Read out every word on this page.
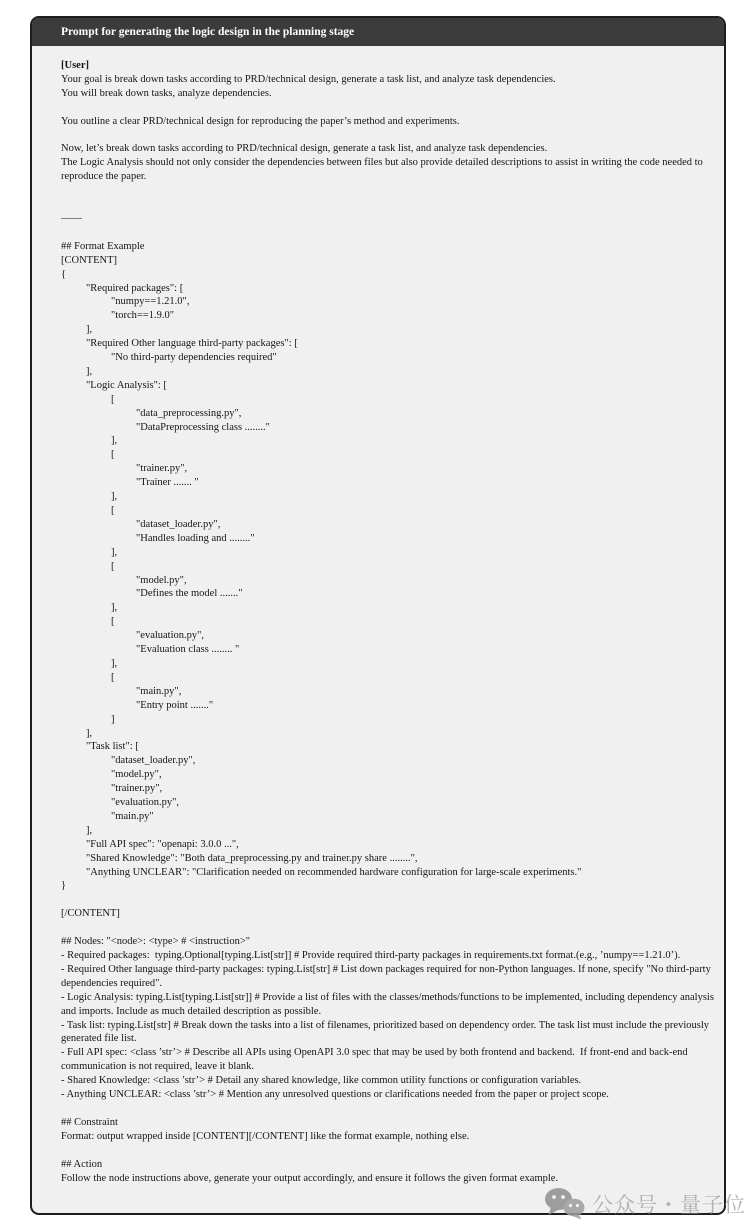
Prompt for generating the logic design in the planning stage
[User]
Your goal is break down tasks according to PRD/technical design, generate a task list, and analyze task dependencies.
You will break down tasks, analyze dependencies.

You outline a clear PRD/technical design for reproducing the paper’s method and experiments.

Now, let’s break down tasks according to PRD/technical design, generate a task list, and analyze task dependencies.
The Logic Analysis should not only consider the dependencies between files but also provide detailed descriptions to assist in writing the code needed to reproduce the paper.

——

## Format Example
[CONTENT]
{
	"Required packages": [
		"numpy==1.21.0",
		"torch==1.9.0"
	],
	"Required Other language third-party packages": [
		"No third-party dependencies required"
	],
	"Logic Analysis": [
		[
			"data_preprocessing.py",
			"DataPreprocessing class ........"
		],
		[
			"trainer.py",
			"Trainer ....... "
		],
		[
			"dataset_loader.py",
			"Handles loading and ........"
		],
		[
			"model.py",
			"Defines the model ......."
		],
		[
			"evaluation.py",
			"Evaluation class ........ "
		],
		[
			"main.py",
			"Entry point ......."
		]
	],
	"Task list": [
		"dataset_loader.py",
		"model.py",
		"trainer.py",
		"evaluation.py",
		"main.py"
	],
	"Full API spec": "openapi: 3.0.0 ...",
	"Shared Knowledge": "Both data_preprocessing.py and trainer.py share ........",
	"Anything UNCLEAR": "Clarification needed on recommended hardware configuration for large-scale experiments."
}

[/CONTENT]

## Nodes: "<node>: <type> # <instruction>"
- Required packages:  typing.Optional[typing.List[str]] # Provide required third-party packages in requirements.txt format.(e.g., ’numpy==1.21.0’).
- Required Other language third-party packages: typing.List[str] # List down packages required for non-Python languages. If none, specify "No third-party dependencies required".
- Logic Analysis: typing.List[typing.List[str]] # Provide a list of files with the classes/methods/functions to be implemented, including dependency analysis and imports. Include as much detailed description as possible.
- Task list: typing.List[str] # Break down the tasks into a list of filenames, prioritized based on dependency order. The task list must include the previously generated file list.
- Full API spec: <class ’str’> # Describe all APIs using OpenAPI 3.0 spec that may be used by both frontend and backend.  If front-end and back-end communication is not required, leave it blank.
- Shared Knowledge: <class ’str’> # Detail any shared knowledge, like common utility functions or configuration variables.
- Anything UNCLEAR: <class ’str’> # Mention any unresolved questions or clarifications needed from the paper or project scope.

## Constraint
Format: output wrapped inside [CONTENT][/CONTENT] like the format example, nothing else.

## Action
Follow the node instructions above, generate your output accordingly, and ensure it follows the given format example.
公众号・量子位
